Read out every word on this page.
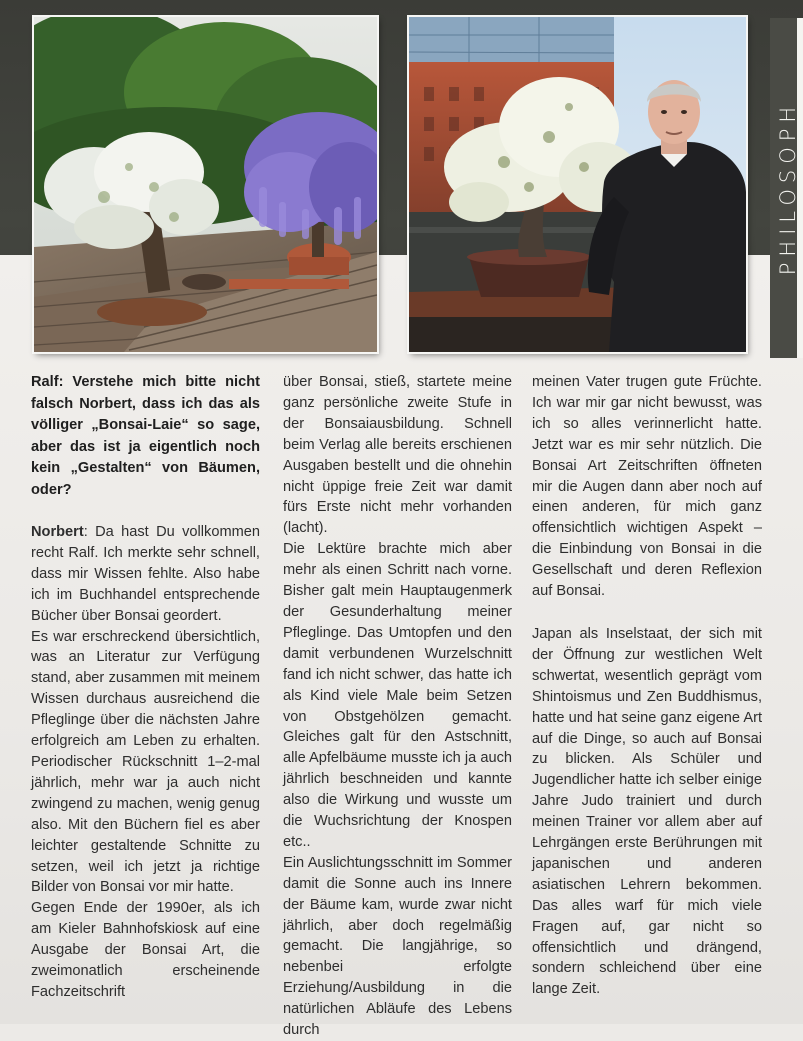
PHILOSOPH

Ralf: Verstehe mich bitte nicht falsch Norbert, dass ich das als völliger „Bonsai-Laie“ so sage, aber das ist ja eigentlich noch kein „Gestalten“ von Bäumen, oder?

Norbert: Da hast Du vollkommen recht Ralf. Ich merkte sehr schnell, dass mir Wissen fehlte. Also habe ich im Buchhandel entsprechende Bücher über Bonsai geordert.

Es war erschreckend übersichtlich, was an Literatur zur Verfügung stand, aber zusammen mit meinem Wissen durchaus ausreichend die Pfleglinge über die nächsten Jahre erfolgreich am Leben zu erhalten. Periodischer Rückschnitt 1–2-mal jährlich, mehr war ja auch nicht zwingend zu machen, wenig genug also. Mit den Büchern fiel es aber leichter gestaltende Schnitte zu setzen, weil ich jetzt ja richtige Bilder von Bonsai vor mir hatte.

Gegen Ende der 1990er, als ich am Kieler Bahnhofskiosk auf eine Ausgabe der Bonsai Art, die zweimonatlich erscheinende Fachzeitschrift

über Bonsai, stieß, startete meine ganz persönliche zweite Stufe in der Bonsaiausbildung. Schnell beim Verlag alle bereits erschienen Ausgaben bestellt und die ohnehin nicht üppige freie Zeit war damit fürs Erste nicht mehr vorhanden (lacht).

Die Lektüre brachte mich aber mehr als einen Schritt nach vorne. Bisher galt mein Hauptaugenmerk der Gesunderhaltung meiner Pfleglinge. Das Umtopfen und den damit verbundenen Wurzelschnitt fand ich nicht schwer, das hatte ich als Kind viele Male beim Setzen von Obstgehölzen gemacht. Gleiches galt für den Astschnitt, alle Apfelbäume musste ich ja auch jährlich beschneiden und kannte also die Wirkung und wusste um die Wuchsrichtung der Knospen etc..

Ein Auslichtungsschnitt im Sommer damit die Sonne auch ins Innere der Bäume kam, wurde zwar nicht jährlich, aber doch regelmäßig gemacht. Die langjährige, so nebenbei erfolgte Erziehung/Ausbildung in die natürlichen Abläufe des Lebens durch

meinen Vater trugen gute Früchte. Ich war mir gar nicht bewusst, was ich so alles verinnerlicht hatte. Jetzt war es mir sehr nützlich. Die Bonsai Art Zeitschriften öffneten mir die Augen dann aber noch auf einen anderen, für mich ganz offensichtlich wichtigen Aspekt – die Einbindung von Bonsai in die Gesellschaft und deren Reflexion auf Bonsai.

Japan als Inselstaat, der sich mit der Öffnung zur westlichen Welt schwertat, wesentlich geprägt vom Shintoismus und Zen Buddhismus, hatte und hat seine ganz eigene Art auf die Dinge, so auch auf Bonsai zu blicken. Als Schüler und Jugendlicher hatte ich selber einige Jahre Judo trainiert und durch meinen Trainer vor allem aber auf Lehrgängen erste Berührungen mit japanischen und anderen asiatischen Lehrern bekommen. Das alles warf für mich viele Fragen auf, gar nicht so offensichtlich und drängend, sondern schleichend über eine lange Zeit.
